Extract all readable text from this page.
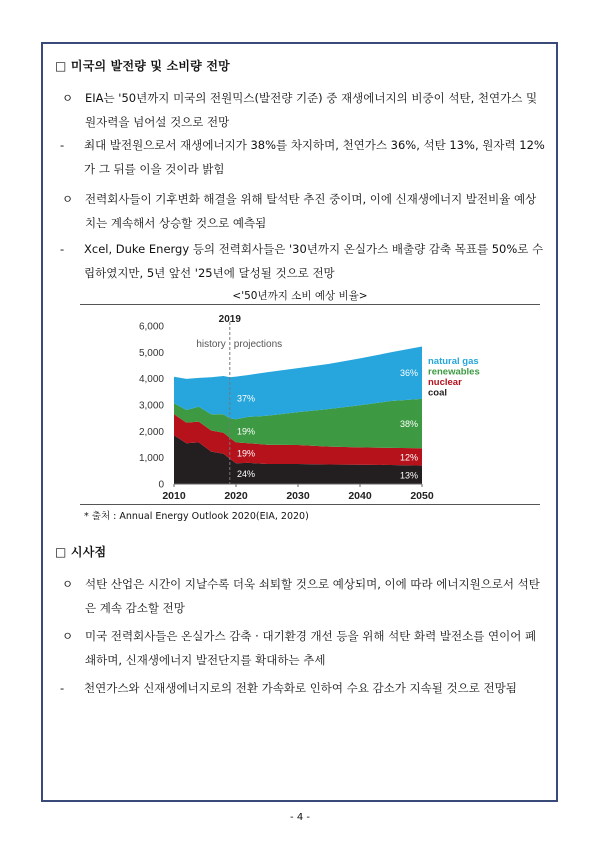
□ 미국의 발전량 및 소비량 전망
ㅇ EIA는 '50년까지 미국의 전원믹스(발전량 기준) 중 재생에너지의 비중이 석탄, 천연가스 및 원자력을 넘어설 것으로 전망
- 최대 발전원으로서 재생에너지가 38%를 차지하며, 천연가스 36%, 석탄 13%, 원자력 12%가 그 뒤를 이을 것이라 밝힘
ㅇ 전력회사들이 기후변화 해결을 위해 탈석탄 추진 중이며, 이에 신재생에너지 발전비율 예상치는 계속해서 상승할 것으로 예측됨
- Xcel, Duke Energy 등의 전력회사들은 '30년까지 온실가스 배출량 감축 목표를 50%로 수립하였지만, 5년 앞선 '25년에 달성될 것으로 전망
<'50년까지 소비 예상 비율>
0
1,000
2,000
3,000
4,000
5,000
6,000
2010	2020	2030	2040	2050
2019
history projections
24%
19%
19%
37%
13%
12%
38%
36%
natural gas
renewables
nuclear
coal
* 출처 : Annual Energy Outlook 2020(EIA, 2020)
□ 시사점
ㅇ 석탄 산업은 시간이 지날수록 더욱 쇠퇴할 것으로 예상되며, 이에 따라 에너지원으로서 석탄은 계속 감소할 전망
ㅇ 미국 전력회사들은 온실가스 감축 · 대기환경 개선 등을 위해 석탄 화력 발전소를 연이어 폐쇄하며, 신재생에너지 발전단지를 확대하는 추세
- 천연가스와 신재생에너지로의 전환 가속화로 인하여 수요 감소가 지속될 것으로 전망됨
- 4 -
